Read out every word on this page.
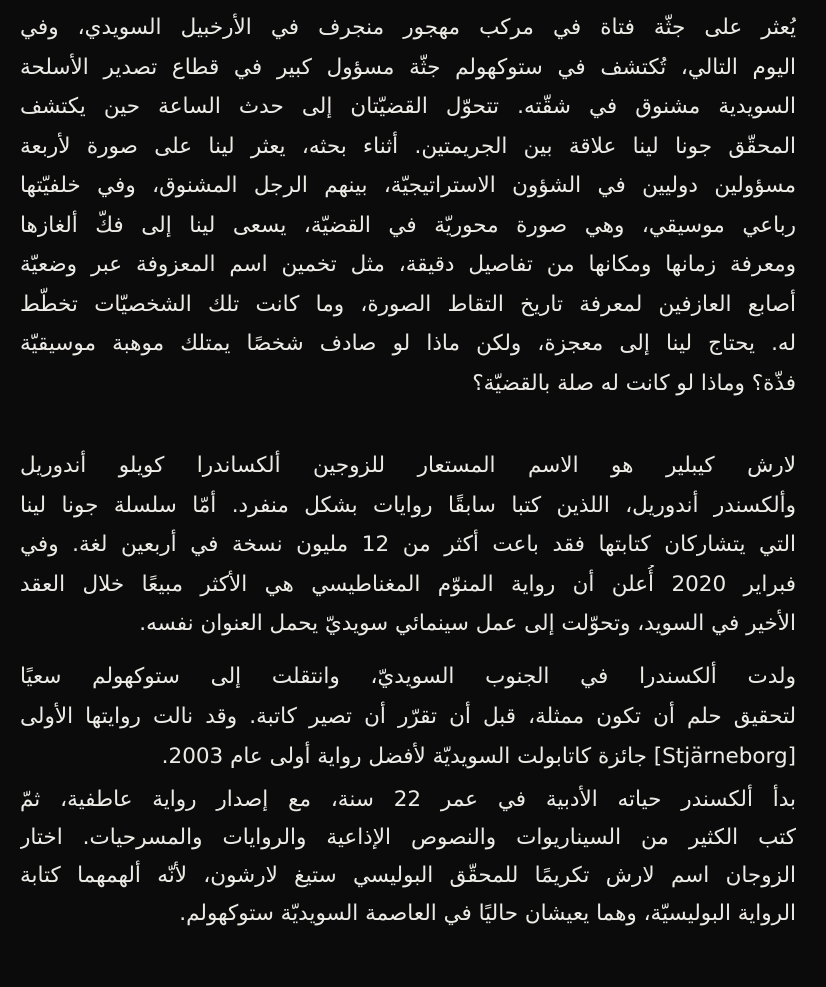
يُعثر على جثّة فتاة في مركب مهجور منجرف في الأرخبيل السويدي، وفي
اليوم التالي، تُكتشف في ستوكهولم جثّة مسؤول كبير في قطاع تصدير الأسلحة
السويدية مشنوق في شقّته. تتحوّل القضيّتان إلى حدث الساعة حين يكتشف
المحقّق جونا لينا علاقة بين الجريمتين. أثناء بحثه، يعثر لينا على صورة لأربعة
مسؤولين دوليين في الشؤون الاستراتيجيّة، بينهم الرجل المشنوق، وفي خلفيّتها
رباعي موسيقي، وهي صورة محوريّة في القضيّة، يسعى لينا إلى فكّ ألغازها
ومعرفة زمانها ومكانها من تفاصيل دقيقة، مثل تخمين اسم المعزوفة عبر وضعيّة
أصابع العازفين لمعرفة تاريخ التقاط الصورة، وما كانت تلك الشخصيّات تخطّط
له. يحتاج لينا إلى معجزة، ولكن ماذا لو صادف شخصًا يمتلك موهبة موسيقيّة
فذّة؟ وماذا لو كانت له صلة بالقضيّة؟
لارش كيبلير هو الاسم المستعار للزوجين ألكساندرا كويلو أندوريل
وألكسندر أندوريل، اللذين كتبا سابقًا روايات بشكل منفرد. أمّا سلسلة جونا لينا
التي يتشاركان كتابتها فقد باعت أكثر من 12 مليون نسخة في أربعين لغة. وفي
فبراير 2020 أُعلن أن رواية المنوّم المغناطيسي هي الأكثر مبيعًا خلال العقد
الأخير في السويد، وتحوّلت إلى عمل سينمائي سويديّ يحمل العنوان نفسه.
ولدت ألكسندرا في الجنوب السويديّ، وانتقلت إلى ستوكهولم سعيًا
لتحقيق حلم أن تكون ممثلة، قبل أن تقرّر أن تصير كاتبة. وقد نالت روايتها الأولى
[Stjärneborg] جائزة كاتابولت السويديّة لأفضل رواية أولى عام 2003.
بدأ ألكسندر حياته الأدبية في عمر 22 سنة، مع إصدار رواية عاطفية، ثمّ
كتب الكثير من السيناريوات والنصوص الإذاعية والروايات والمسرحيات. اختار
الزوجان اسم لارش تكريمًا للمحقّق البوليسي ستيغ لارشون، لأنّه ألهمهما كتابة
الرواية البوليسيّة، وهما يعيشان حاليًا في العاصمة السويديّة ستوكهولم.
